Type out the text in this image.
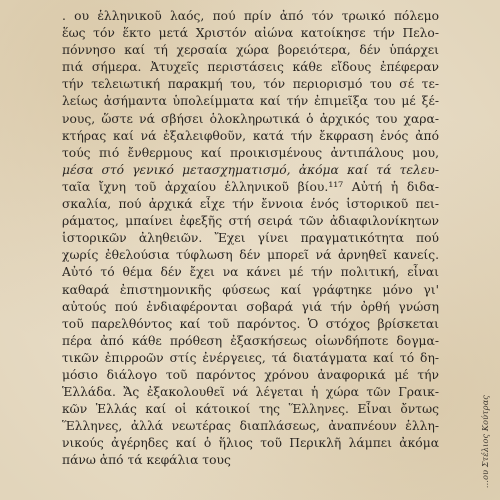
. ου ἑλληνικοῦ λαός, πού πρίν ἀπό τόν τρωικό πόλεμο
ἕως τόν ἕκτο μετά Χριστόν αἰώνα κατοίκησε τήν Πελο-
πόννησο καί τή χερσαία χώρα βορειότερα, δέν ὑπάρχει
πιά σήμερα. Ἀτυχεῖς περιστάσεις κάθε εἴδους ἐπέφεραν
τήν τελειωτική παρακμή του, τόν περιορισμό του σέ τε-
λείως ἀσήμαντα ὑπολείμματα καί τήν ἐπιμεῖξα του μέ ξέ-
νους, ὥστε νά σβήσει ὁλοκληρωτικά ὁ ἀρχικός του χαρα-
κτήρας καί νά ἐξαλειφθοῦν, κατά τήν ἔκφραση ἑνός ἀπό
τούς πιό ἔνθερμους καί προικισμένους ἀντιπάλους μου,
μέσα στό γενικό μετασχηματισμό, ἀκόμα καί τά τελευ-
ταῖα ἴχνη τοῦ ἀρχαίου ἑλληνικοῦ βίου.¹¹⁷ Αὐτή ἡ διδα-
σκαλία, πού ἀρχικά εἶχε τήν ἔννοια ἑνός ἱστορικοῦ πει-
ράματος, μπαίνει ἐφεξῆς στή σειρά τῶν ἀδιαφιλονίκητων
ἱστορικῶν ἀληθειῶν. Ἔχει γίνει πραγματικότητα πού
χωρίς ἐθελούσια τύφλωση δέν μπορεῖ νά ἀρνηθεῖ κανείς.
Αὐτό τό θέμα δέν ἔχει να κάνει μέ τήν πολιτική, εἶναι
καθαρά ἐπιστημονικῆς φύσεως καί γράφτηκε μόνο γι'
αὐτούς πού ἐνδιαφέρονται σοβαρά γιά τήν ὀρθή γνώση
τοῦ παρελθόντος καί τοῦ παρόντος. Ὁ στόχος βρίσκεται
πέρα ἀπό κάθε πρόθεση ἐξασκήσεως οἱωνδήποτε δογμα-
τικῶν ἐπιρροῶν στίς ἐνέργειες, τά διατάγματα καί τό δη-
μόσιο διάλογο τοῦ παρόντος χρόνου ἀναφορικά μέ τήν
Ἑλλάδα. Ἄς ἐξακολουθεῖ νά λέγεται ἡ χώρα τῶν Γραικ-
κῶν Ἑλλάς καί οἱ κάτοικοί της Ἕλληνες. Εἶναι ὄντως
Ἕλληνες, ἀλλά νεωτέρας διαπλάσεως, ἀναπνέουν ἑλλη-
νικούς ἀγέρηδες καί ὁ ἥλιος τοῦ Περικλῆ λάμπει ἀκόμα
πάνω ἀπό τά κεφάλια τους	...ου Στέλιος Κούτρας
